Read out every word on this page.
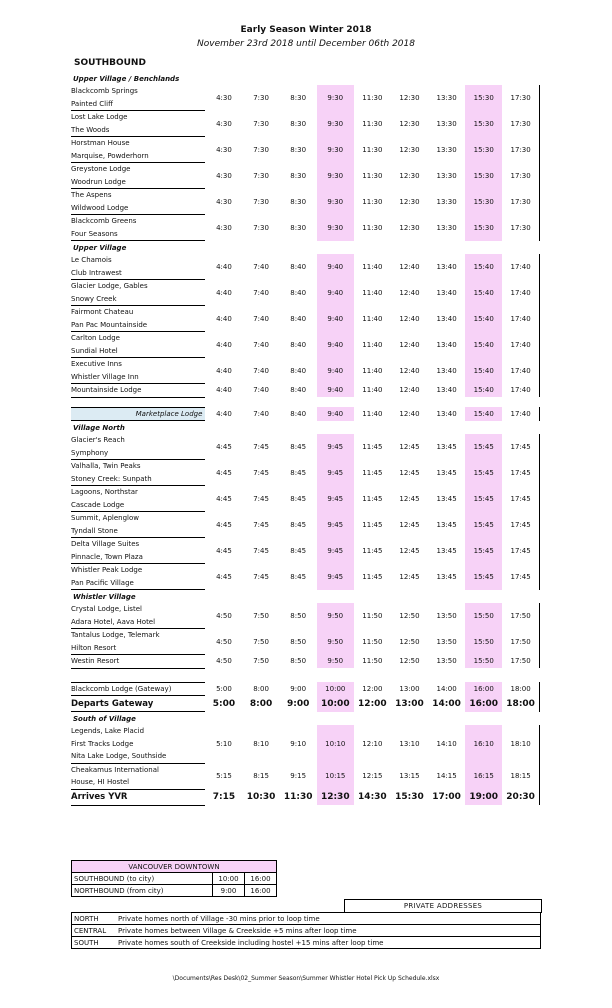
Early Season Winter 2018
November 23rd 2018 until December 06th 2018
SOUTHBOUND
Upper Village / Benchlands									
Blackcomb Springs	4:30	7:30	8:30	9:30	11:30	12:30	13:30	15:30	17:30
Painted Cliff									
Lost Lake Lodge	4:30	7:30	8:30	9:30	11:30	12:30	13:30	15:30	17:30
The Woods									
Horstman House	4:30	7:30	8:30	9:30	11:30	12:30	13:30	15:30	17:30
Marquise, Powderhorn									
Greystone Lodge	4:30	7:30	8:30	9:30	11:30	12:30	13:30	15:30	17:30
Woodrun Lodge									
The Aspens	4:30	7:30	8:30	9:30	11:30	12:30	13:30	15:30	17:30
Wildwood Lodge									
Blackcomb Greens	4:30	7:30	8:30	9:30	11:30	12:30	13:30	15:30	17:30
Four Seasons									
Upper Village									
Le Chamois	4:40	7:40	8:40	9:40	11:40	12:40	13:40	15:40	17:40
Club Intrawest									
Glacier Lodge, Gables	4:40	7:40	8:40	9:40	11:40	12:40	13:40	15:40	17:40
Snowy Creek									
Fairmont Chateau	4:40	7:40	8:40	9:40	11:40	12:40	13:40	15:40	17:40
Pan Pac Mountainside									
Carlton Lodge	4:40	7:40	8:40	9:40	11:40	12:40	13:40	15:40	17:40
Sundial Hotel									
Executive Inns	4:40	7:40	8:40	9:40	11:40	12:40	13:40	15:40	17:40
Whistler Village Inn									
Mountainside Lodge	4:40	7:40	8:40	9:40	11:40	12:40	13:40	15:40	17:40

Marketplace Lodge	4:40	7:40	8:40	9:40	11:40	12:40	13:40	15:40	17:40
Village North									
Glacier's Reach	4:45	7:45	8:45	9:45	11:45	12:45	13:45	15:45	17:45
Symphony									
Valhalla, Twin Peaks	4:45	7:45	8:45	9:45	11:45	12:45	13:45	15:45	17:45
Stoney Creek: Sunpath									
Lagoons, Northstar	4:45	7:45	8:45	9:45	11:45	12:45	13:45	15:45	17:45
Cascade Lodge									
Summit, Aplenglow	4:45	7:45	8:45	9:45	11:45	12:45	13:45	15:45	17:45
Tyndall Stone									
Delta Village Suites	4:45	7:45	8:45	9:45	11:45	12:45	13:45	15:45	17:45
Pinnacle, Town Plaza									
Whistler Peak Lodge	4:45	7:45	8:45	9:45	11:45	12:45	13:45	15:45	17:45
Pan Pacific Village									
Whistler Village									
Crystal Lodge, Listel	4:50	7:50	8:50	9:50	11:50	12:50	13:50	15:50	17:50
Adara Hotel, Aava Hotel									
Tantalus Lodge, Telemark	4:50	7:50	8:50	9:50	11:50	12:50	13:50	15:50	17:50
Hilton Resort									
Westin Resort	4:50	7:50	8:50	9:50	11:50	12:50	13:50	15:50	17:50

Blackcomb Lodge (Gateway)	5:00	8:00	9:00	10:00	12:00	13:00	14:00	16:00	18:00

Departs Gateway	5:00	8:00	9:00	10:00	12:00	13:00	14:00	16:00	18:00
South of Village									
Legends, Lake Placid	5:10	8:10	9:10	10:10	12:10	13:10	14:10	16:10	18:10
First Tracks Lodge									
Nita Lake Lodge, Southside									
Cheakamus International	5:15	8:15	9:15	10:15	12:15	13:15	14:15	16:15	18:15
House, HI Hostel									
Arrives YVR	7:15	10:30	11:30	12:30	14:30	15:30	17:00	19:00	20:30
VANCOUVER DOWNTOWN		
SOUTHBOUND (to city)	10:00	16:00
NORTHBOUND (from city)	9:00	16:00
PRIVATE ADDRESSES
NORTH	Private homes north of Village -30 mins prior to loop time
CENTRAL	Private homes between Village & Creekside +5 mins after loop time
SOUTH	Private homes south of Creekside including hostel +15 mins after loop time
\Documents\Res Desk\02_Summer Season\Summer Whistler Hotel Pick Up Schedule.xlsx
